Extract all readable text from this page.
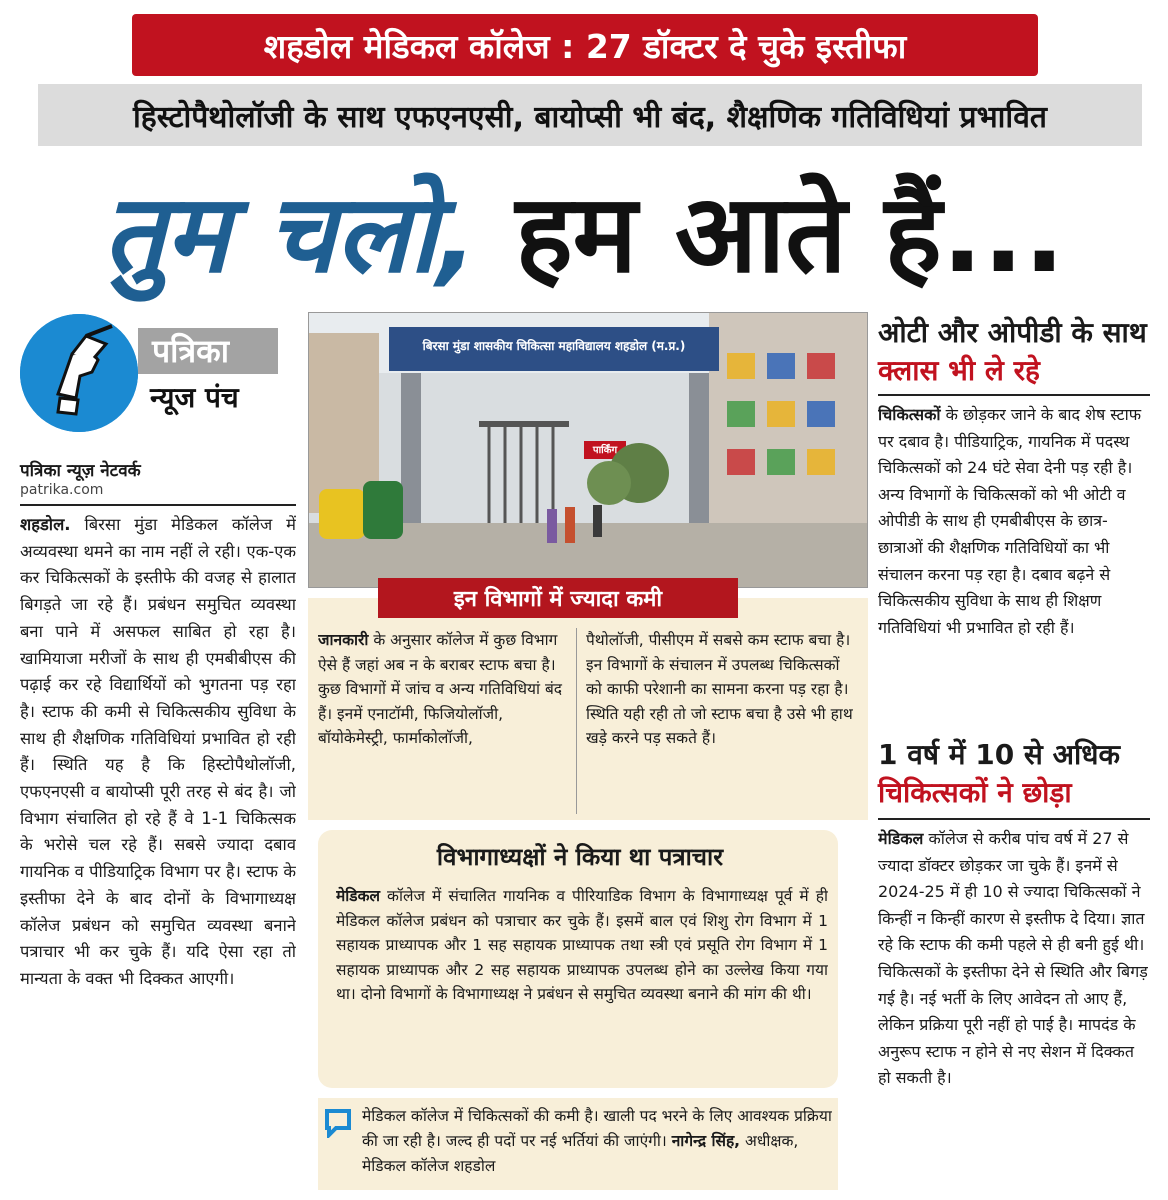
शहडोल मेडिकल कॉलेज : 27 डॉक्टर दे चुके इस्तीफा
हिस्टोपैथोलॉजी के साथ एफएनएसी, बायोप्सी भी बंद, शैक्षणिक गतिविधियां प्रभावित
तुम चलो, हम आते हैं...
पत्रिका
न्यूज पंच
पत्रिका न्यूज़ नेटवर्क
patrika.com
शहडोल. बिरसा मुंडा मेडिकल कॉलेज में अव्यवस्था थमने का नाम नहीं ले रही। एक-एक कर चिकित्सकों के इस्तीफे की वजह से हालात बिगड़ते जा रहे हैं। प्रबंधन समुचित व्यवस्था बना पाने में असफल साबित हो रहा है। खामियाजा मरीजों के साथ ही एमबीबीएस की पढ़ाई कर रहे विद्यार्थियों को भुगतना पड़ रहा है। स्टाफ की कमी से चिकित्सकीय सुविधा के साथ ही शैक्षणिक गतिविधियां प्रभावित हो रही हैं। स्थिति यह है कि हिस्टोपैथोलॉजी, एफएनएसी व बायोप्सी पूरी तरह से बंद है। जो विभाग संचालित हो रहे हैं वे 1-1 चिकित्सक के भरोसे चल रहे हैं। सबसे ज्यादा दबाव गायनिक व पीडियाट्रिक विभाग पर है। स्टाफ के इस्तीफा देने के बाद दोनों के विभागाध्यक्ष कॉलेज प्रबंधन को समुचित व्यवस्था बनाने पत्राचार भी कर चुके हैं। यदि ऐसा रहा तो मान्यता के वक्त भी दिक्कत आएगी।
बिरसा मुंडा शासकीय चिकित्सा महाविद्यालय शहडोल (म.प्र.)
पार्किंग
इन विभागों में ज्यादा कमी
जानकारी के अनुसार कॉलेज में कुछ विभाग ऐसे हैं जहां अब न के बराबर स्टाफ बचा है। कुछ विभागों में जांच व अन्य गतिविधियां बंद हैं। इनमें एनाटॉमी, फिजियोलॉजी, बॉयोकेमेस्ट्री, फार्माकोलॉजी,
पैथोलॉजी, पीसीएम में सबसे कम स्टाफ बचा है। इन विभागों के संचालन में उपलब्ध चिकित्सकों को काफी परेशानी का सामना करना पड़ रहा है। स्थिति यही रही तो जो स्टाफ बचा है उसे भी हाथ खड़े करने पड़ सकते हैं।
विभागाध्यक्षों ने किया था पत्राचार
मेडिकल कॉलेज में संचालित गायनिक व पीरियाडिक विभाग के विभागाध्यक्ष पूर्व में ही मेडिकल कॉलेज प्रबंधन को पत्राचार कर चुके हैं। इसमें बाल एवं शिशु रोग विभाग में 1 सहायक प्राध्यापक और 1 सह सहायक प्राध्यापक तथा स्त्री एवं प्रसूति रोग विभाग में 1 सहायक प्राध्यापक और 2 सह सहायक प्राध्यापक उपलब्ध होने का उल्लेख किया गया था। दोनो विभागों के विभागाध्यक्ष ने प्रबंधन से समुचित व्यवस्था बनाने की मांग की थी।
मेडिकल कॉलेज में चिकित्सकों की कमी है। खाली पद भरने के लिए आवश्यक प्रक्रिया की जा रही है। जल्द ही पदों पर नई भर्तियां की जाएंगी। नागेन्द्र सिंह, अधीक्षक, मेडिकल कॉलेज शहडोल
ओटी और ओपीडी के साथ क्लास भी ले रहे
चिकित्सकों के छोड़कर जाने के बाद शेष स्टाफ पर दबाव है। पीडियाट्रिक, गायनिक में पदस्थ चिकित्सकों को 24 घंटे सेवा देनी पड़ रही है। अन्य विभागों के चिकित्सकों को भी ओटी व ओपीडी के साथ ही एमबीबीएस के छात्र-छात्राओं की शैक्षणिक गतिविधियों का भी संचालन करना पड़ रहा है। दबाव बढ़ने से चिकित्सकीय सुविधा के साथ ही शिक्षण गतिविधियां भी प्रभावित हो रही हैं।
1 वर्ष में 10 से अधिक
चिकित्सकों ने छोड़ा
मेडिकल कॉलेज से करीब पांच वर्ष में 27 से ज्यादा डॉक्टर छोड़कर जा चुके हैं। इनमें से 2024-25 में ही 10 से ज्यादा चिकित्सकों ने किन्हीं न किन्हीं कारण से इस्तीफ दे दिया। ज्ञात रहे कि स्टाफ की कमी पहले से ही बनी हुई थी। चिकित्सकों के इस्तीफा देने से स्थिति और बिगड़ गई है। नई भर्ती के लिए आवेदन तो आए हैं, लेकिन प्रक्रिया पूरी नहीं हो पाई है। मापदंड के अनुरूप स्टाफ न होने से नए सेशन में दिक्कत हो सकती है।
